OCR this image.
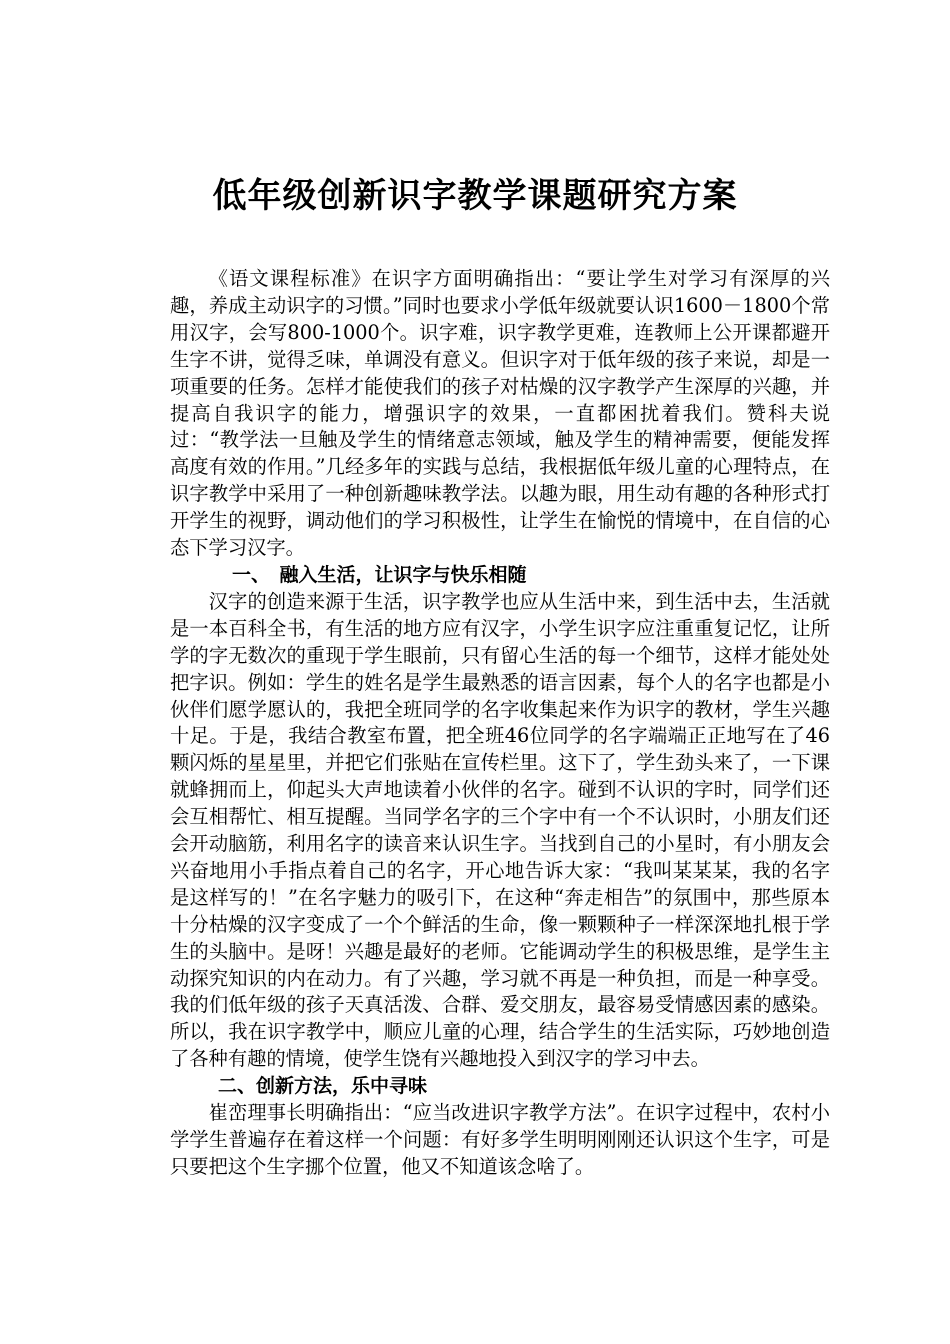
低年级创新识字教学课题研究方案

《语文课程标准》在识字方面明确指出：“要让学生对学习有深厚的兴趣，养成主动识字的习惯。”同时也要求小学低年级就要认识1600－1800个常用汉字，会写800-1000个。识字难，识字教学更难，连教师上公开课都避开生字不讲，觉得乏味，单调没有意义。但识字对于低年级的孩子来说，却是一项重要的任务。怎样才能使我们的孩子对枯燥的汉字教学产生深厚的兴趣，并提高自我识字的能力，增强识字的效果，一直都困扰着我们。赞科夫说过：“教学法一旦触及学生的情绪意志领域，触及学生的精神需要，便能发挥高度有效的作用。”几经多年的实践与总结，我根据低年级儿童的心理特点，在识字教学中采用了一种创新趣味教学法。以趣为眼，用生动有趣的各种形式打开学生的视野，调动他们的学习积极性，让学生在愉悦的情境中，在自信的心态下学习汉字。

一、　融入生活，让识字与快乐相随

汉字的创造来源于生活，识字教学也应从生活中来，到生活中去，生活就是一本百科全书，有生活的地方应有汉字，小学生识字应注重重复记忆，让所学的字无数次的重现于学生眼前，只有留心生活的每一个细节，这样才能处处把字识。例如：学生的姓名是学生最熟悉的语言因素，每个人的名字也都是小伙伴们愿学愿认的，我把全班同学的名字收集起来作为识字的教材，学生兴趣十足。于是，我结合教室布置，把全班46位同学的名字端端正正地写在了46颗闪烁的星星里，并把它们张贴在宣传栏里。这下了，学生劲头来了，一下课就蜂拥而上，仰起头大声地读着小伙伴的名字。碰到不认识的字时，同学们还会互相帮忙、相互提醒。当同学名字的三个字中有一个不认识时，小朋友们还会开动脑筋，利用名字的读音来认识生字。当找到自己的小星时，有小朋友会兴奋地用小手指点着自己的名字，开心地告诉大家：“我叫某某某，我的名字是这样写的！”在名字魅力的吸引下，在这种“奔走相告”的氛围中，那些原本十分枯燥的汉字变成了一个个鲜活的生命，像一颗颗种子一样深深地扎根于学生的头脑中。是呀！兴趣是最好的老师。它能调动学生的积极思维，是学生主动探究知识的内在动力。有了兴趣，学习就不再是一种负担，而是一种享受。我的们低年级的孩子天真活泼、合群、爱交朋友，最容易受情感因素的感染。所以，我在识字教学中，顺应儿童的心理，结合学生的生活实际，巧妙地创造了各种有趣的情境，使学生饶有兴趣地投入到汉字的学习中去。

二、创新方法，乐中寻味

崔峦理事长明确指出：“应当改进识字教学方法”。在识字过程中，农村小学学生普遍存在着这样一个问题：有好多学生明明刚刚还认识这个生字，可是只要把这个生字挪个位置，他又不知道该念啥了。
